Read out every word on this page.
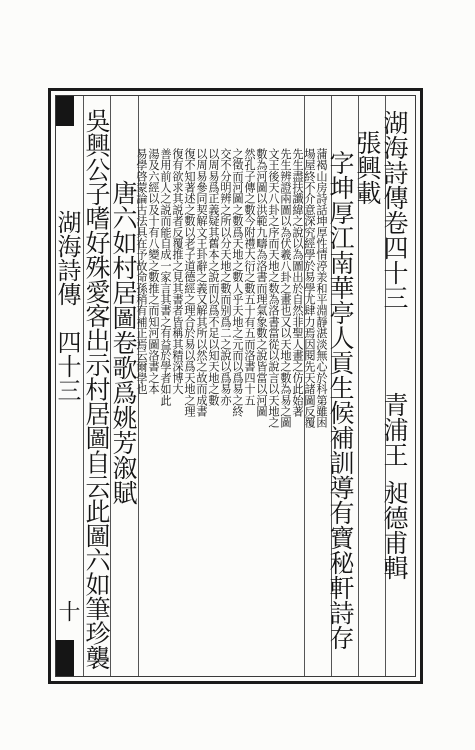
湖海詩傳卷四十三
青浦王
昶德甫輯
張興載
字坤厚江南華亭人貢生候補訓導有寶秘軒詩存
蒲褐山房詩話坤厚性情渟𣴎和平淵靜湛淡無心於科第雖困
場屋終不介意深究經學於易學尤肆力焉因閱先天諸圖反覆
先生盡扶讖緯之說以為圖出於自然非聖人畫之仿此始著
先生辨證兩圖以為伏羲八卦之畫也又以天地之數為易之圖
文王後天八卦之序而天地之数為洛書當從以說言以天地之
數為河圖以洪範九疇為洛書而理氣象數之說皆當以河圖
然孔子傳之數今附禮大衍之數五十有五而洛書四十五
之徵而河圖之數爲天地之數人乎天地之元而以爲易之終
交不分明辨之所以分天地之數而别爲二之說以爲易亦
以周易爲正義疑其舊本之說而以爲不足以知天地之數
以周易參同契解文王卦辭之義又解其所以然之故而成書
復不知著述之數以老子道德經之理合於易以爲天地之理
復有欲求其説者反覆推之見其書者皆稱其精深博大
善用前人之説而能自成一家言其書之有益於學者如此
湯及六經以及十有八變之數推之而知河圖洛書之本
易學啓蒙論古法具在予故命孫稍有補正焉云爾學也
唐六如村居圖卷歌爲姚芳溆賦
吳興公子嗜好殊愛客出示村居圖自云此圖六如筆珍襲
湖海詩傳
四十三
十
